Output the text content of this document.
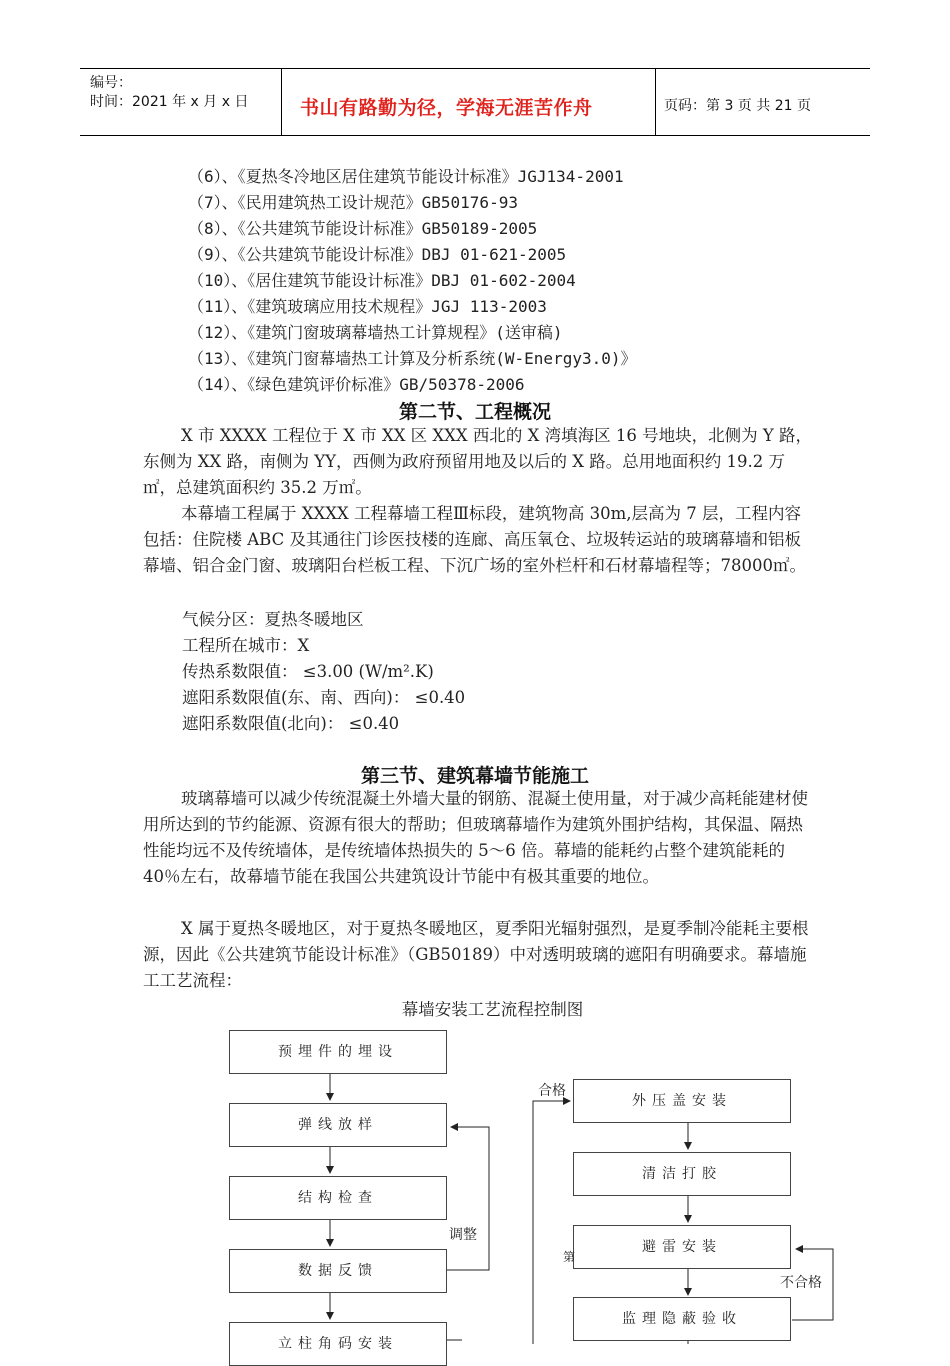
编号：
时间：2021 年 x 月 x 日	书山有路勤为径，学海无涯苦作舟	页码：第 3 页 共 21 页
（6）、《夏热冬冷地区居住建筑节能设计标准》JGJ134-2001
（7）、《民用建筑热工设计规范》GB50176-93
（8）、《公共建筑节能设计标准》GB50189-2005
（9）、《公共建筑节能设计标准》DBJ 01-621-2005
（10）、《居住建筑节能设计标准》DBJ 01-602-2004
（11）、《建筑玻璃应用技术规程》JGJ 113-2003
（12）、《建筑门窗玻璃幕墙热工计算规程》(送审稿)
（13）、《建筑门窗幕墙热工计算及分析系统(W-Energy3.0)》
（14）、《绿色建筑评价标准》GB/50378-2006
第二节、工程概况
X 市 XXXX 工程位于 X 市 XX 区 XXX 西北的 X 湾填海区 16 号地块，北侧为 Y 路，东侧为 XX 路，南侧为 YY，西侧为政府预留用地及以后的 X 路。总用地面积约 19.2 万㎡，总建筑面积约 35.2 万㎡。
本幕墙工程属于 XXXX 工程幕墙工程Ⅲ标段，建筑物高 30m,层高为 7 层，工程内容包括：住院楼 ABC 及其通往门诊医技楼的连廊、高压氧仓、垃圾转运站的玻璃幕墙和铝板幕墙、铝合金门窗、玻璃阳台栏板工程、下沉广场的室外栏杆和石材幕墙程等；78000㎡。
气候分区：夏热冬暖地区
工程所在城市：X
传热系数限值： ≤3.00 (W/m².K)
遮阳系数限值(东、南、西向)： ≤0.40
遮阳系数限值(北向)： ≤0.40
第三节、建筑幕墙节能施工
玻璃幕墙可以减少传统混凝土外墙大量的钢筋、混凝土使用量，对于减少高耗能建材使用所达到的节约能源、资源有很大的帮助；但玻璃幕墙作为建筑外围护结构，其保温、隔热性能均远不及传统墙体，是传统墙体热损失的 5～6 倍。幕墙的能耗约占整个建筑能耗的 40％左右，故幕墙节能在我国公共建筑设计节能中有极其重要的地位。
X 属于夏热冬暖地区，对于夏热冬暖地区，夏季阳光辐射强烈，是夏季制冷能耗主要根源，因此《公共建筑节能设计标准》（GB50189）中对透明玻璃的遮阳有明确要求。幕墙施工工艺流程：
幕墙安装工艺流程控制图
预埋件的埋设
弹线放样
结构检查
数据反馈
立柱角码安装
外压盖安装
清洁打胶
避雷安装
监理隐蔽验收
调整
合格
不合格
第
